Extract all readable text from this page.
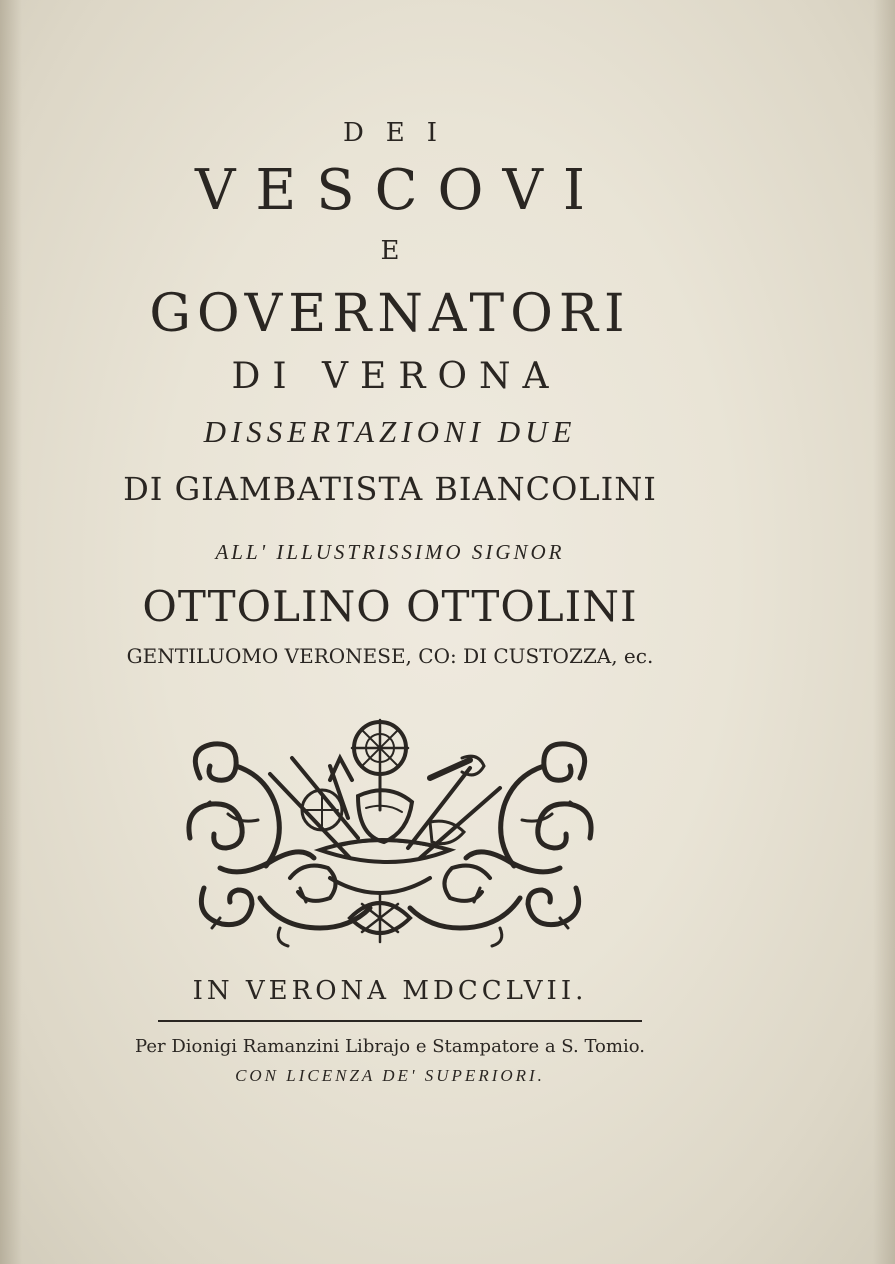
DEI

VESCOVI

E

GOVERNATORI

DI VERONA

DISSERTAZIONI DUE

DI GIAMBATISTA BIANCOLINI

ALL' ILLUSTRISSIMO SIGNOR

OTTOLINO OTTOLINI

GENTILUOMO VERONESE, CO: DI CUSTOZZA, ec.

IN VERONA MDCCLVII.

Per Dionigi Ramanzini Librajo e Stampatore a S. Tomio.

CON LICENZA DE' SUPERIORI.
